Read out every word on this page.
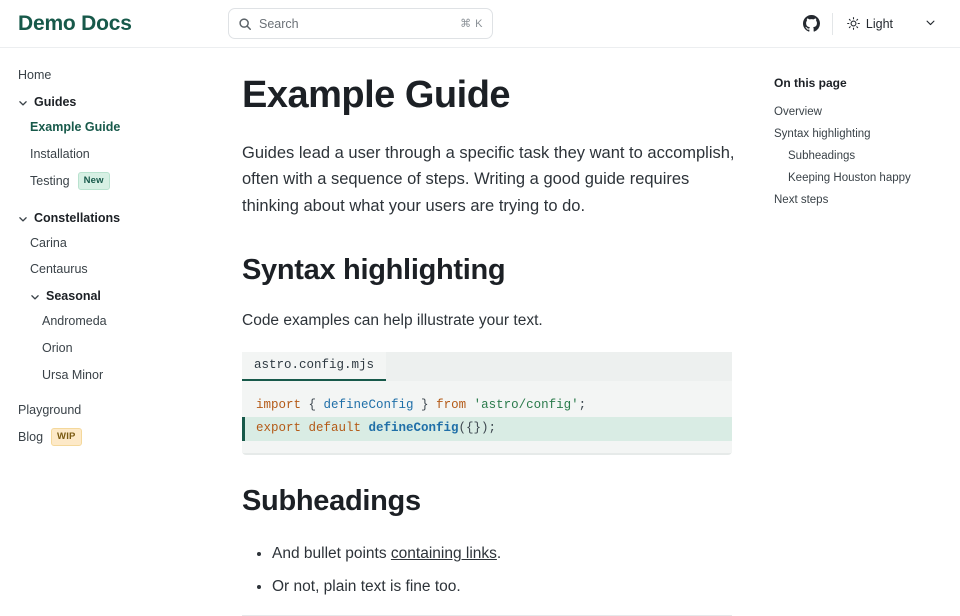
Demo Docs	Search	⌘ K	Light
Home
Guides
Example Guide
Installation
Testing	New
Constellations
Carina
Centaurus
Seasonal
Andromeda
Orion
Ursa Minor
Playground
Blog	WIP
Example Guide

Guides lead a user through a specific task they want to accomplish, often with a sequence of steps. Writing a good guide requires thinking about what your users are trying to do.

Syntax highlighting

Code examples can help illustrate your text.

astro.config.mjs
import { defineConfig } from 'astro/config';
export default defineConfig({});
Subheadings
• And bullet points containing links.
• Or not, plain text is fine too.
On this page
Overview
Syntax highlighting
Subheadings
Keeping Houston happy
Next steps
